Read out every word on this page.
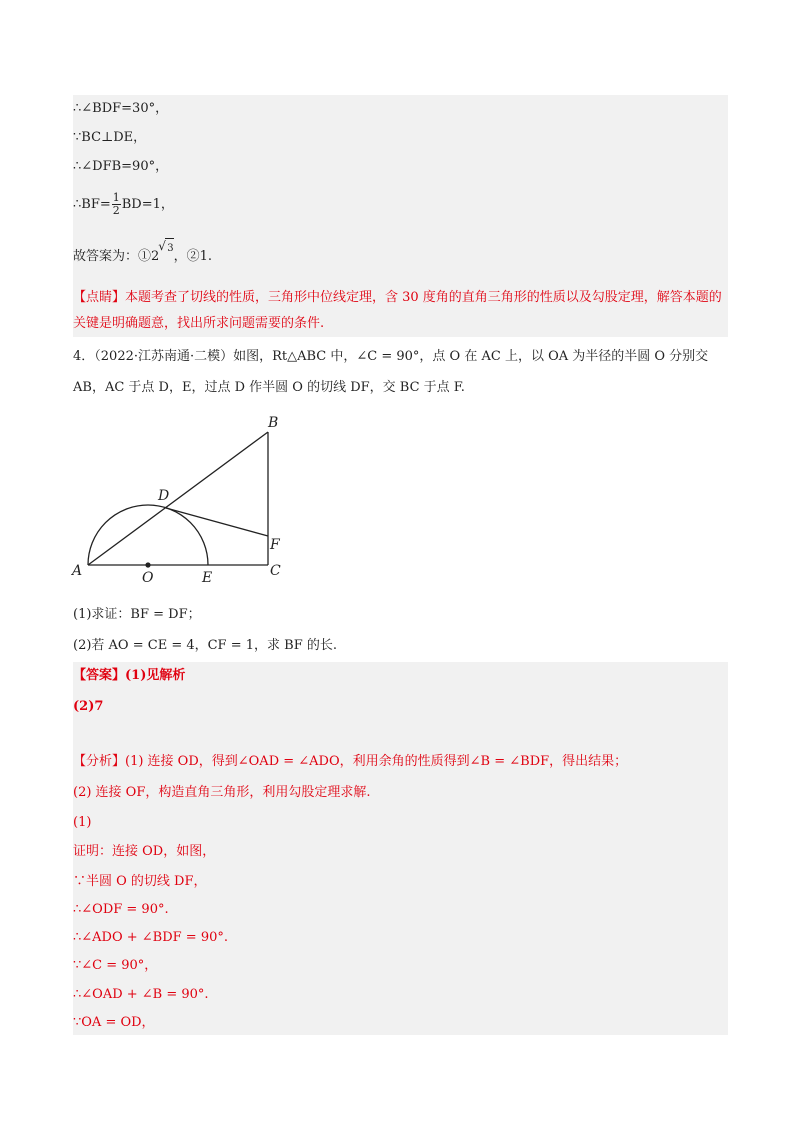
∴∠BDF=30°，
∵BC⊥DE，
∴∠DFB=90°，
∴BF= $\frac{1}{2} BD=1$，
故答案为：①2√ 3，②1.
【点睛】本题考查了切线的性质，三角形中位线定理，含 30 度角的直角三角形的性质以及勾股定理，解答本题的关键是明确题意，找出所求问题需要的条件.
4．（2022·江苏南通·二模）如图，Rt△ABC 中，∠C = 90°，点 O 在 AC 上，以 OA 为半径的半圆 O 分别交
AB，AC 于点 D，E，过点 D 作半圆 O 的切线 DF，交 BC 于点 F.
B
D
F
A	O	E	C
(1)求证：BF = DF；
(2)若 AO = CE = 4，CF = 1，求 BF 的长.
【答案】(1)见解析
(2)7
【分析】(1) 连接 OD，得到∠OAD = ∠ADO，利用余角的性质得到∠B = ∠BDF，得出结果；
(2) 连接 OF，构造直角三角形，利用勾股定理求解.
(1)
证明：连接 OD，如图，
∵半圆 O 的切线 DF，
∴∠ODF = 90°.
∴∠ADO + ∠BDF = 90°.
∵∠C = 90°，
∴∠OAD + ∠B = 90°.
∵OA = OD，
